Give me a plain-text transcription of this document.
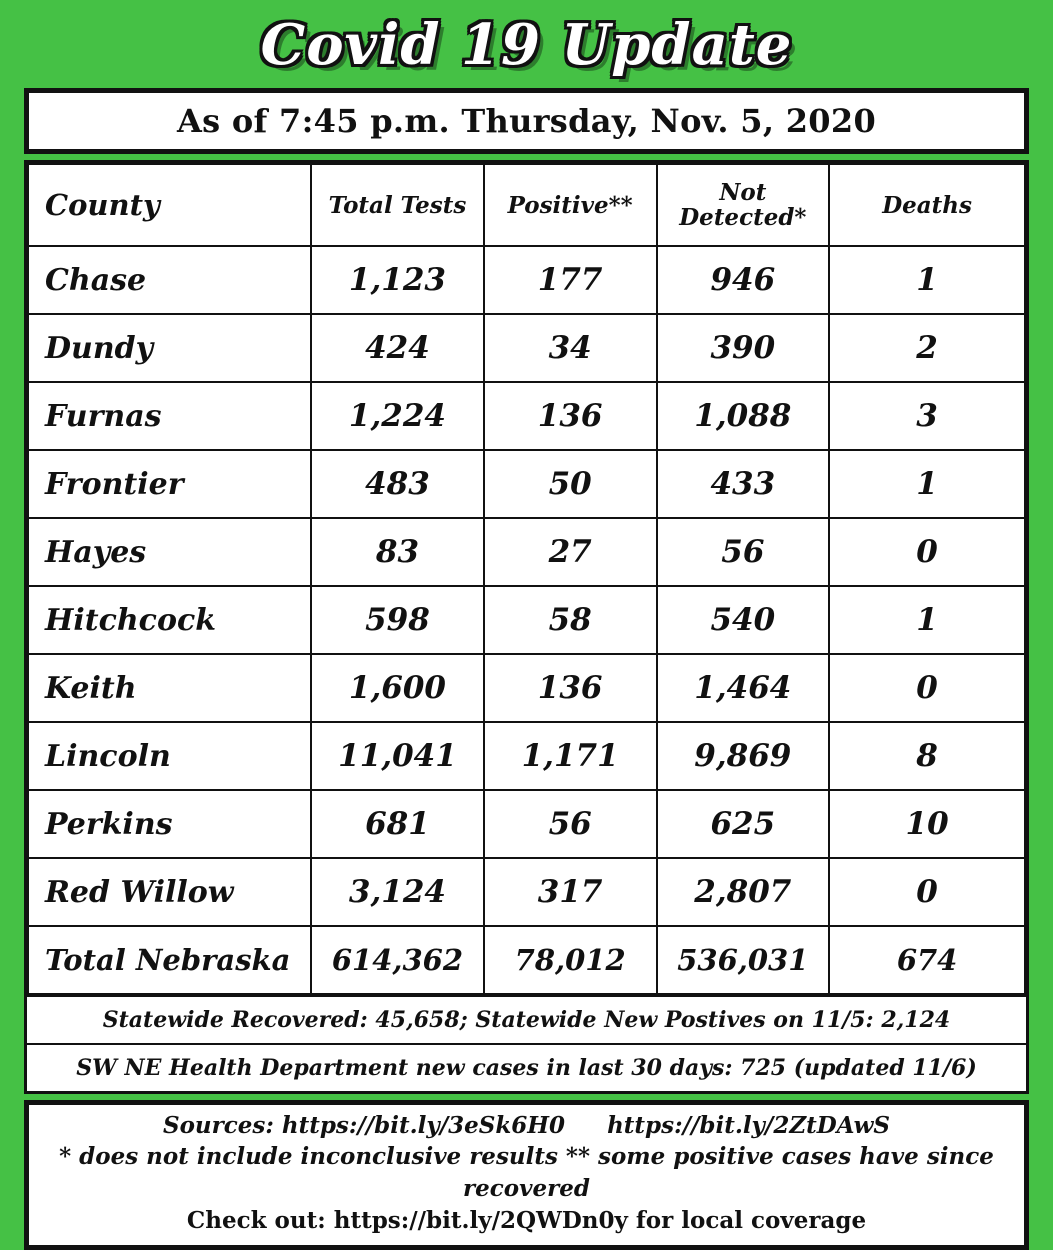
Covid 19 Update
As of 7:45 p.m. Thursday, Nov. 5, 2020
County	Total Tests	Positive**	Not Detected*	Deaths
Chase	1,123	177	946	1
Dundy	424	34	390	2
Furnas	1,224	136	1,088	3
Frontier	483	50	433	1
Hayes	83	27	56	0
Hitchcock	598	58	540	1
Keith	1,600	136	1,464	0
Lincoln	11,041	1,171	9,869	8
Perkins	681	56	625	10
Red Willow	3,124	317	2,807	0
Total Nebraska	614,362	78,012	536,031	674
Statewide Recovered: 45,658; Statewide New Postives on 11/5: 2,124
SW NE Health Department new cases in last 30 days: 725 (updated 11/6)
Sources: https://bit.ly/3eSk6H0 https://bit.ly/2ZtDAwS
* does not include inconclusive results ** some positive cases have since recovered
Check out: https://bit.ly/2QWDn0y for local coverage
